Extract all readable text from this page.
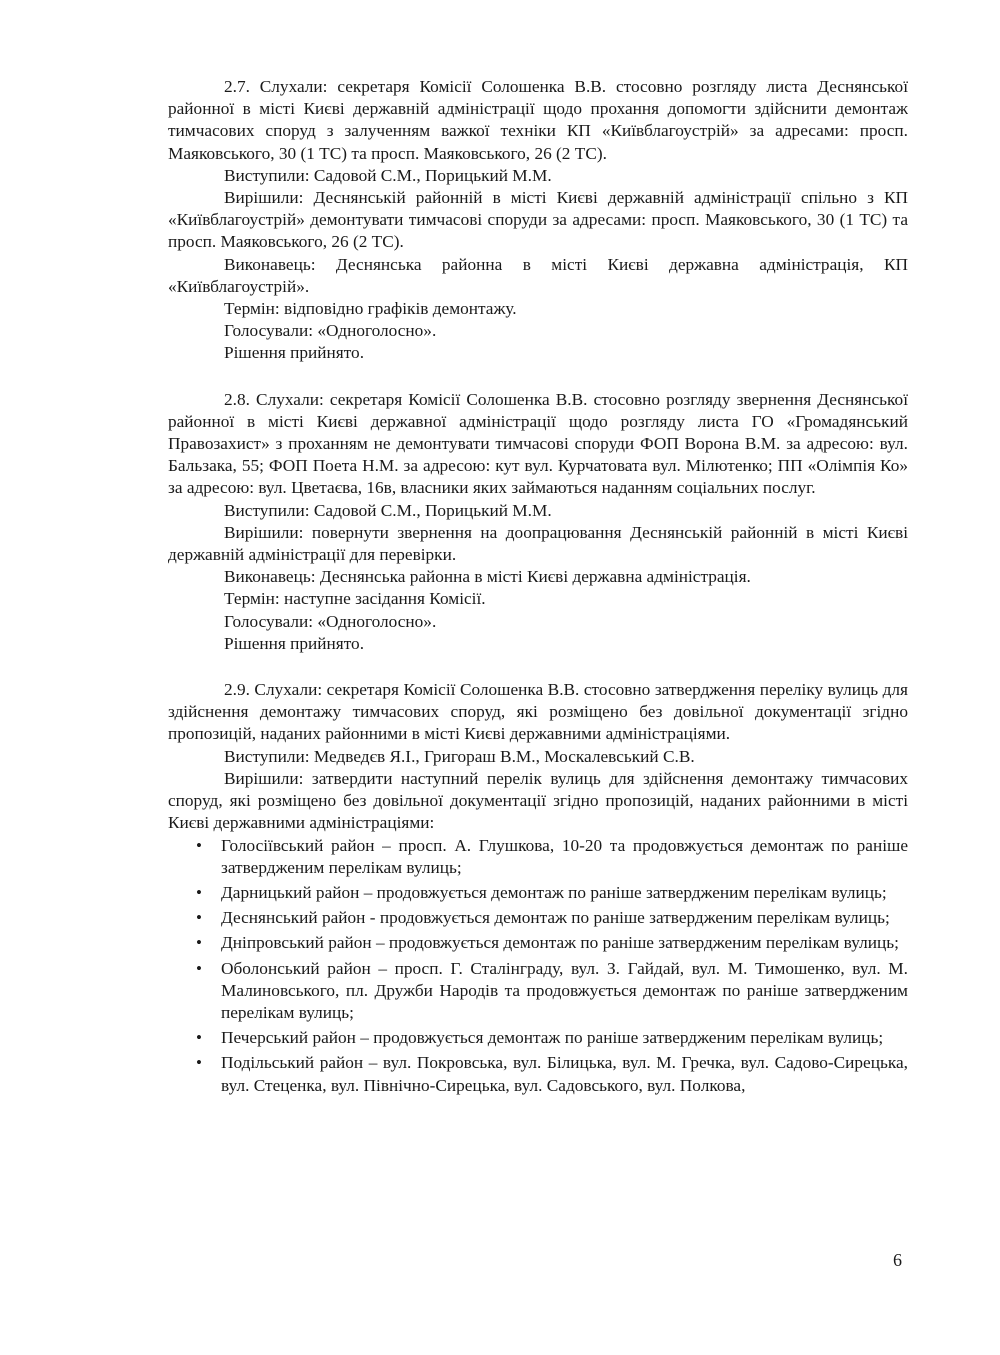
2.7. Слухали: секретаря Комісії Солошенка В.В. стосовно розгляду листа Деснянської районної в місті Києві державній адміністрації щодо прохання допомогти здійснити демонтаж тимчасових споруд з залученням важкої техніки КП «Київблагоустрій» за адресами: просп. Маяковського, 30 (1 ТС) та просп. Маяковського, 26 (2 ТС).

Виступили: Садовой С.М., Порицький М.М.

Вирішили: Деснянській районній в місті Києві державній адміністрації спільно з КП «Київблагоустрій» демонтувати тимчасові споруди за адресами: просп. Маяковського, 30 (1 ТС) та просп. Маяковського, 26 (2 ТС).

Виконавець: Деснянська районна в місті Києві державна адміністрація, КП «Київблагоустрій».

Термін: відповідно графіків демонтажу.

Голосували: «Одноголосно».

Рішення прийнято.

2.8. Слухали: секретаря Комісії Солошенка В.В. стосовно розгляду звернення Деснянської районної в місті Києві державної адміністрації щодо розгляду листа ГО «Громадянський Правозахист» з проханням не демонтувати тимчасові споруди ФОП Ворона В.М. за адресою: вул. Бальзака, 55; ФОП Поета Н.М. за адресою: кут вул. Курчатовата вул. Мілютенко; ПП «Олімпія Ко» за адресою: вул. Цветаєва, 16в, власники яких займаються наданням соціальних послуг.

Виступили: Садовой С.М., Порицький М.М.

Вирішили: повернути звернення на доопрацювання Деснянській районній в місті Києві державній адміністрації для перевірки.

Виконавець: Деснянська районна в місті Києві державна адміністрація.

Термін: наступне засідання Комісії.

Голосували: «Одноголосно».

Рішення прийнято.

2.9. Слухали: секретаря Комісії Солошенка В.В. стосовно затвердження переліку вулиць для здійснення демонтажу тимчасових споруд, які розміщено без довільної документації згідно пропозицій, наданих районними в місті Києві державними адміністраціями.

Виступили: Медведєв Я.І., Григораш В.М., Москалевський С.В.

Вирішили: затвердити наступний перелік вулиць для здійснення демонтажу тимчасових споруд, які розміщено без довільної документації згідно пропозицій, наданих районними в місті Києві державними адміністраціями:

• Голосіївський район – просп. А. Глушкова, 10-20 та продовжується демонтаж по раніше затвердженим перелікам вулиць;
• Дарницький район – продовжується демонтаж по раніше затвердженим перелікам вулиць;
• Деснянський район - продовжується демонтаж по раніше затвердженим перелікам вулиць;
• Дніпровський район – продовжується демонтаж по раніше затвердженим перелікам вулиць;
• Оболонський район – просп. Г. Сталінграду, вул. З. Гайдай, вул. М. Тимошенко, вул. М. Малиновського, пл. Дружби Народів та продовжується демонтаж по раніше затвердженим перелікам вулиць;
• Печерський район – продовжується демонтаж по раніше затвердженим перелікам вулиць;
• Подільський район – вул. Покровська, вул. Білицька, вул. М. Гречка, вул. Садово-Сирецька, вул. Стеценка, вул. Північно-Сирецька, вул. Садовського, вул. Полкова,
6
